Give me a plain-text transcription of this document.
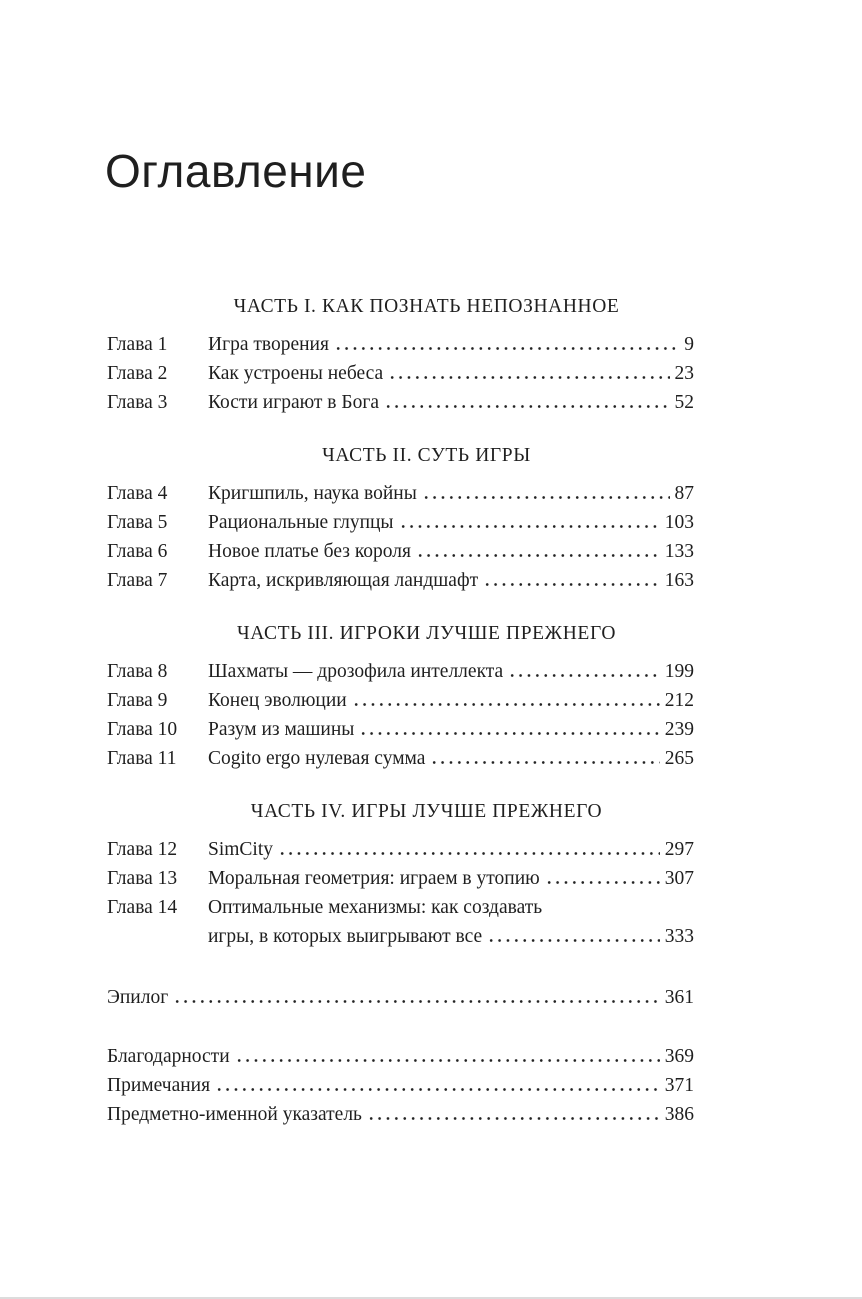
Оглавление
ЧАСТЬ I. КАК ПОЗНАТЬ НЕПОЗНАННОЕ
Глава 1	Игра творения	9
Глава 2	Как устроены небеса	23
Глава 3	Кости играют в Бога	52
ЧАСТЬ II. СУТЬ ИГРЫ
Глава 4	Кригшпиль, наука войны	87
Глава 5	Рациональные глупцы	103
Глава 6	Новое платье без короля	133
Глава 7	Карта, искривляющая ландшафт	163
ЧАСТЬ III. ИГРОКИ ЛУЧШЕ ПРЕЖНЕГО
Глава 8	Шахматы — дрозофила интеллекта	199
Глава 9	Конец эволюции	212
Глава 10	Разум из машины	239
Глава 11	Cogito ergo нулевая сумма	265
ЧАСТЬ IV. ИГРЫ ЛУЧШЕ ПРЕЖНЕГО
Глава 12	SimCity	297
Глава 13	Моральная геометрия: играем в утопию	307
Глава 14	Оптимальные механизмы: как создавать
игры, в которых выигрывают все	333
Эпилог	361
Благодарности	369
Примечания	371
Предметно-именной указатель	386
